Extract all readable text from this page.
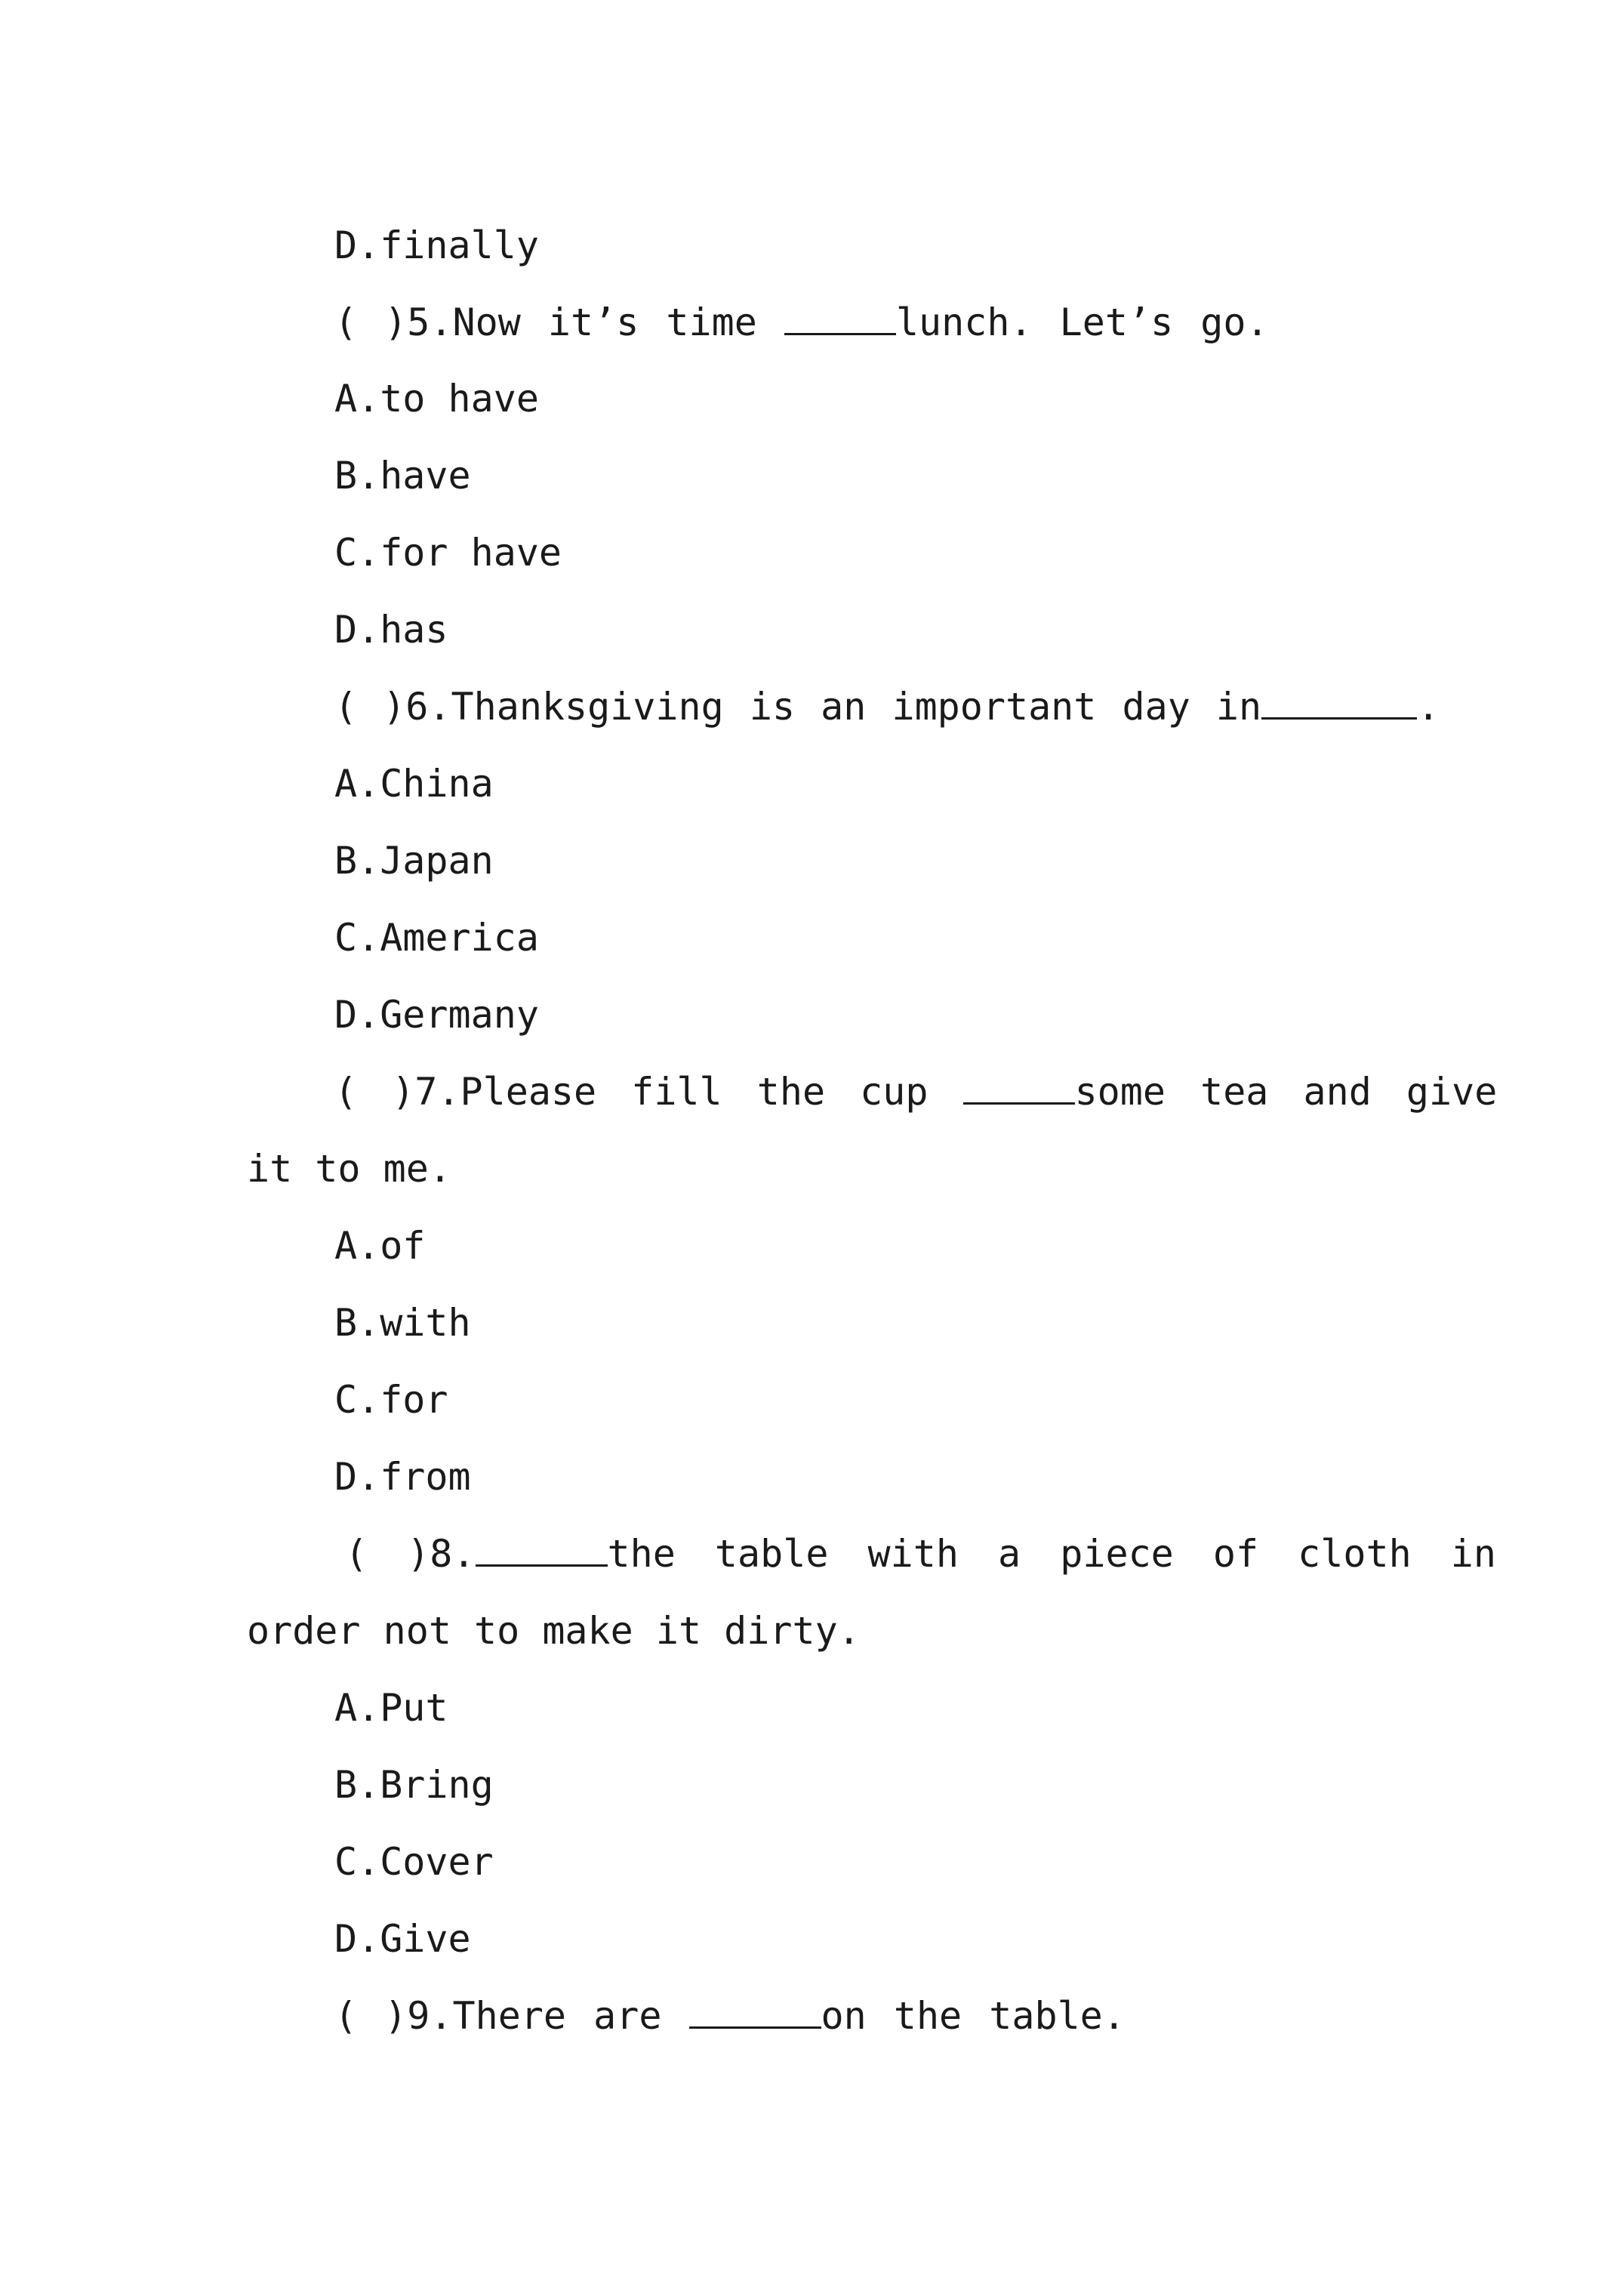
D.finally
( )5.Now it’s time	lunch. Let’s go.
A.to have
B.have
C.for have
D.has
( )6.Thanksgiving is an important day in	.
A.China
B.Japan
C.America
D.Germany
( )7.Please fill the cup	some tea and give
it to me.
A.of
B.with
C.for
D.from
( )8.	the table with a piece of cloth in
order not to make it dirty.
A.Put
B.Bring
C.Cover
D.Give
( )9.There are	on the table.
